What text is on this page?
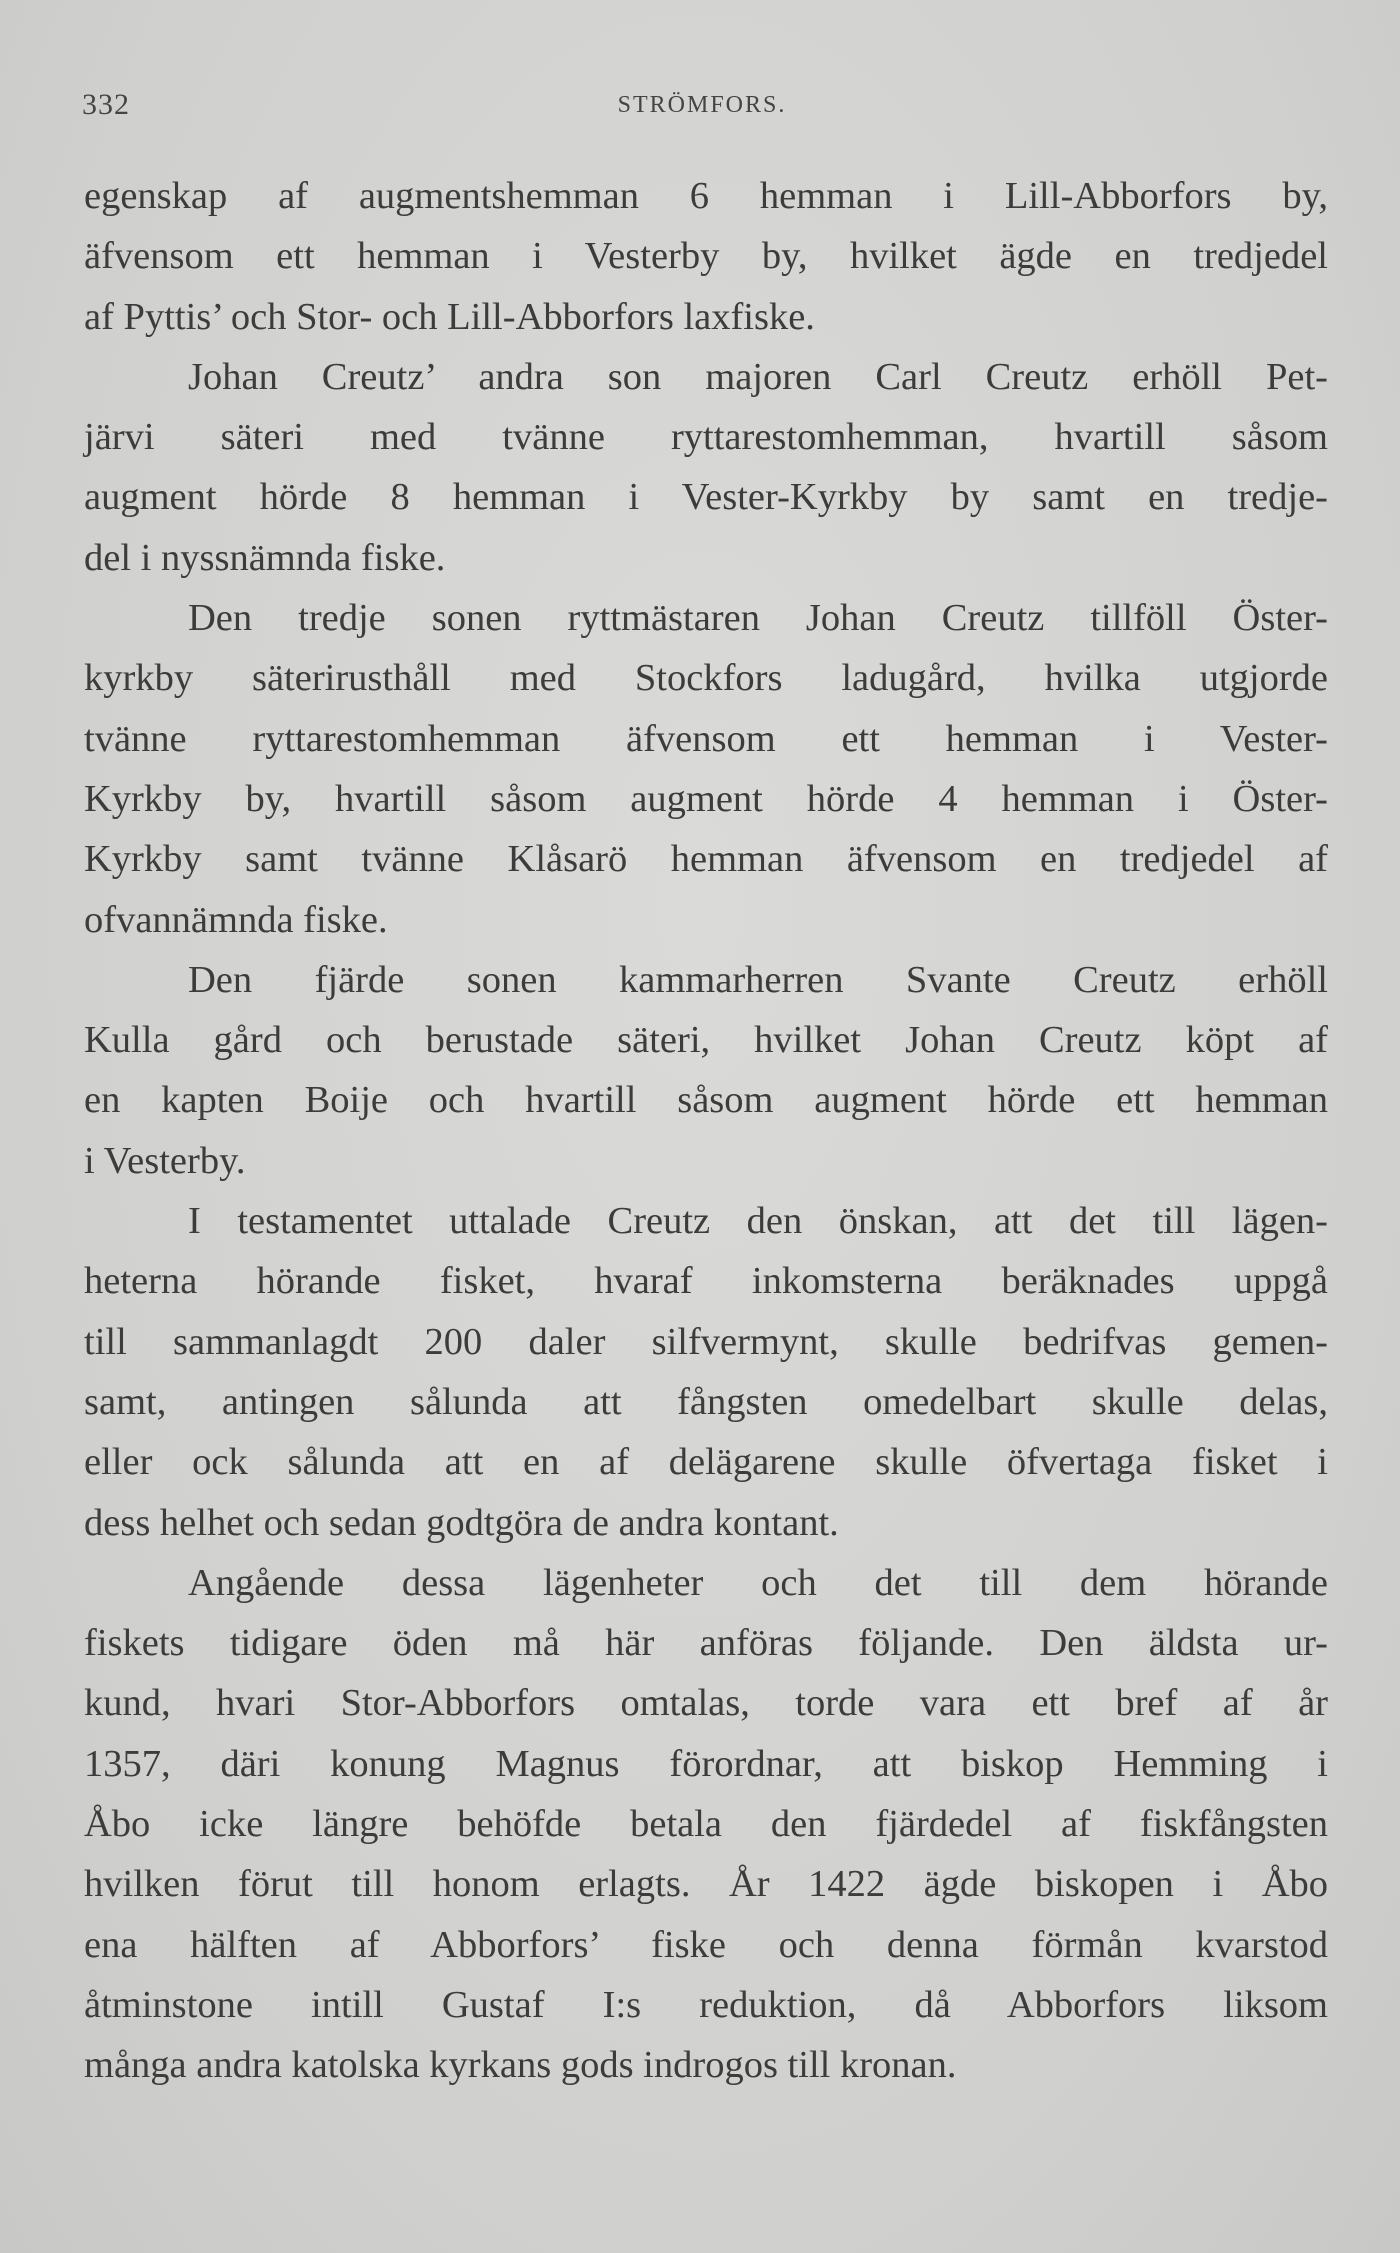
332	STRÖMFORS.
egenskap af augmentshemman 6 hemman i Lill-Abborfors by,
äfvensom ett hemman i Vesterby by, hvilket ägde en tredjedel
af Pyttis’ och Stor- och Lill-Abborfors laxfiske.
Johan Creutz’ andra son majoren Carl Creutz erhöll Pet-
järvi säteri med tvänne ryttarestomhemman, hvartill såsom
augment hörde 8 hemman i Vester-Kyrkby by samt en tredje-
del i nyssnämnda fiske.
Den tredje sonen ryttmästaren Johan Creutz tillföll Öster-
kyrkby säterirusthåll med Stockfors ladugård, hvilka utgjorde
tvänne ryttarestomhemman äfvensom ett hemman i Vester-
Kyrkby by, hvartill såsom augment hörde 4 hemman i Öster-
Kyrkby samt tvänne Klåsarö hemman äfvensom en tredjedel af
ofvannämnda fiske.
Den fjärde sonen kammarherren Svante Creutz erhöll
Kulla gård och berustade säteri, hvilket Johan Creutz köpt af
en kapten Boije och hvartill såsom augment hörde ett hemman
i Vesterby.
I testamentet uttalade Creutz den önskan, att det till lägen-
heterna hörande fisket, hvaraf inkomsterna beräknades uppgå
till sammanlagdt 200 daler silfvermynt, skulle bedrifvas gemen-
samt, antingen sålunda att fångsten omedelbart skulle delas,
eller ock sålunda att en af delägarene skulle öfvertaga fisket i
dess helhet och sedan godtgöra de andra kontant.
Angående dessa lägenheter och det till dem hörande
fiskets tidigare öden må här anföras följande. Den äldsta ur-
kund, hvari Stor-Abborfors omtalas, torde vara ett bref af år
1357, däri konung Magnus förordnar, att biskop Hemming i
Åbo icke längre behöfde betala den fjärdedel af fiskfångsten
hvilken förut till honom erlagts. År 1422 ägde biskopen i Åbo
ena hälften af Abborfors’ fiske och denna förmån kvarstod
åtminstone intill Gustaf I:s reduktion, då Abborfors liksom
många andra katolska kyrkans gods indrogos till kronan.
